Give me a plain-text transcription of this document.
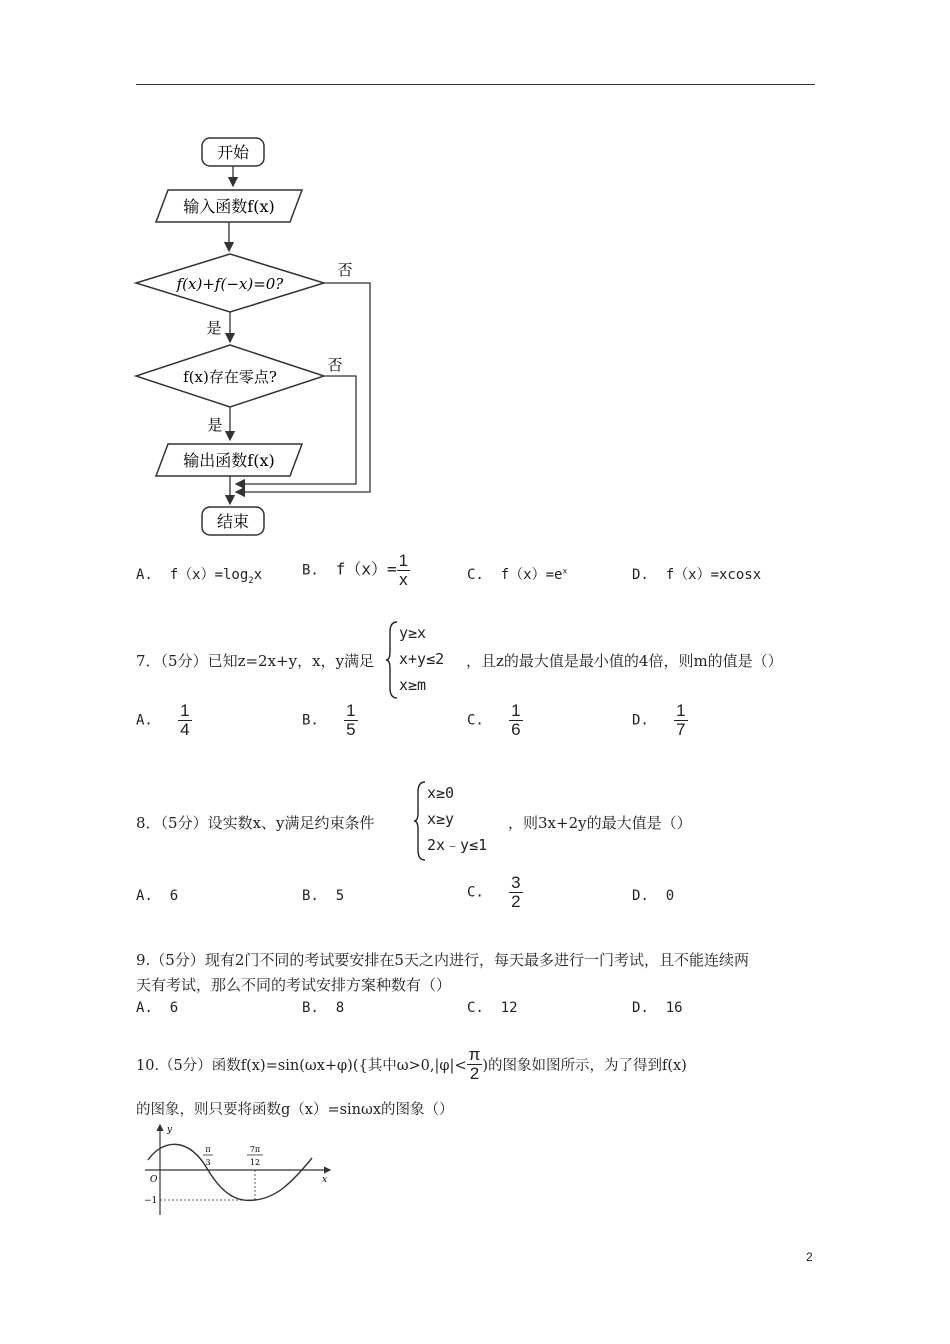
开始
输入函数f(x)
f(x)+f(−x)=0?
否
是
f(x)存在零点?
否
是
输出函数f(x)
结束
A. $f(x)=\log_2x$	B. $f(x)= \frac{1}{x}$	C. $f(x)=e^x$	D. f（x）=xcosx
7．（5分）已知z=2x+y，x，y满足
y≥x
x+y≤2
x≥m
，且z的最大值是最小值的4倍，则m的值是（）
A. $\frac{1}{4}$	B. $\frac{1}{5}$	C. $\frac{1}{6}$	D. $\frac{1}{7}$
8．（5分）设实数x、y满足约束条件
x≥0
x≥y
2x﹣y≤1
，则3x+2y的最大值是（）
A. 6	B. 5	C. $\frac{3}{2}$	D. 0
9.（5分）现有2门不同的考试要安排在5天之内进行，每天最多进行一门考试，且不能连续两
天有考试，那么不同的考试安排方案种数有（）
A. 6	B. 8	C. 12	D. 16
10.（5分）函数f(x)=sin(ωx+φ)({其中$\omega>0,|\varphi|< \frac{\pi}{2}$ )的图象如图所示，为了得到f(x)
的图象，则只要将函数g（x）=sinωx的图象（）
y
x
O
−1
π
3
7π
12
2
